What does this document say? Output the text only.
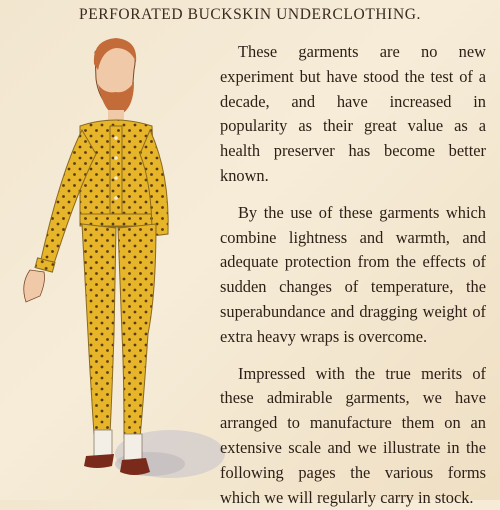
PERFORATED BUCKSKIN UNDERCLOTHING.

These garments are no new experiment but have stood the test of a decade, and have increased in popularity as their great value as a health preserver has become better known.

By the use of these garments which combine lightness and warmth, and adequate protection from the effects of sudden changes of temperature, the superabundance and dragging weight of extra heavy wraps is overcome.

Impressed with the true merits of these admirable garments, we have arranged to manufacture them on an extensive scale and we illustrate in the following pages the various forms which we will regularly carry in stock.
